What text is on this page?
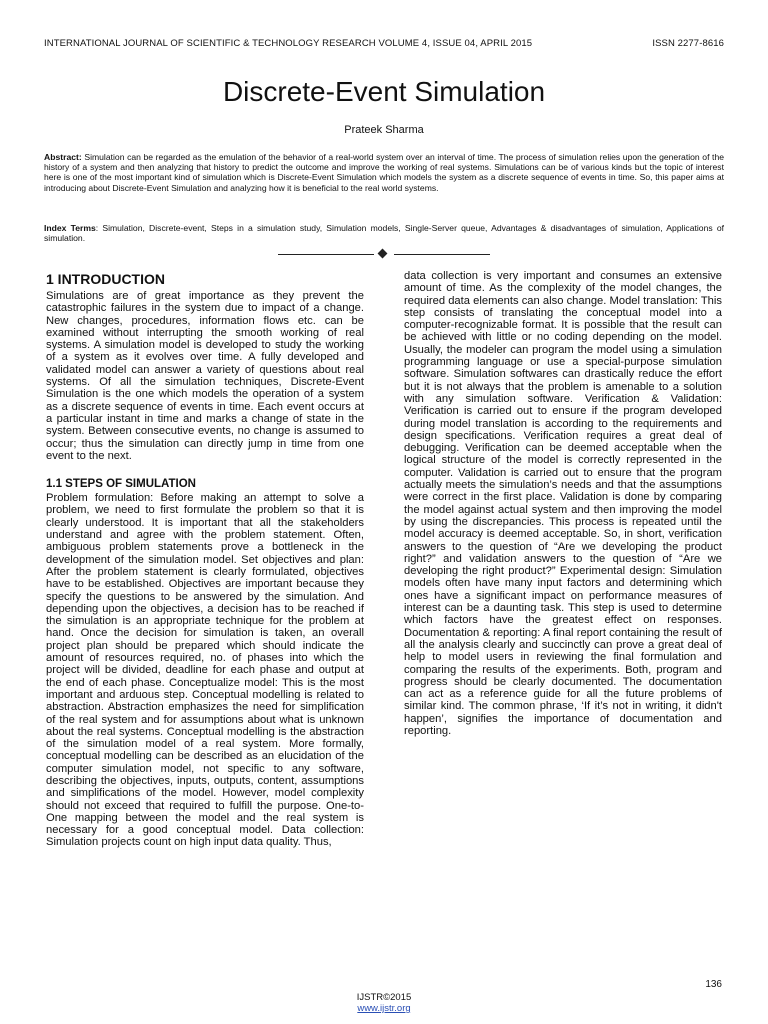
INTERNATIONAL JOURNAL OF SCIENTIFIC & TECHNOLOGY RESEARCH VOLUME 4, ISSUE 04, APRIL 2015	ISSN 2277-8616
Discrete-Event Simulation
Prateek Sharma

Abstract: Simulation can be regarded as the emulation of the behavior of a real-world system over an interval of time. The process of simulation relies upon the generation of the history of a system and then analyzing that history to predict the outcome and improve the working of real systems. Simulations can be of various kinds but the topic of interest here is one of the most important kind of simulation which is Discrete-Event Simulation which models the system as a discrete sequence of events in time. So, this paper aims at introducing about Discrete-Event Simulation and analyzing how it is beneficial to the real world systems.

Index Terms: Simulation, Discrete-event, Steps in a simulation study, Simulation models, Single-Server queue, Advantages & disadvantages of simulation, Applications of simulation.

1 INTRODUCTION

Simulations are of great importance as they prevent the catastrophic failures in the system due to impact of a change. New changes, procedures, information flows etc. can be examined without interrupting the smooth working of real systems. A simulation model is developed to study the working of a system as it evolves over time. A fully developed and validated model can answer a variety of questions about real systems. Of all the simulation techniques, Discrete-Event Simulation is the one which models the operation of a system as a discrete sequence of events in time. Each event occurs at a particular instant in time and marks a change of state in the system. Between consecutive events, no change is assumed to occur; thus the simulation can directly jump in time from one event to the next.

1.1 STEPS OF SIMULATION

Problem formulation: Before making an attempt to solve a problem, we need to first formulate the problem so that it is clearly understood. It is important that all the stakeholders understand and agree with the problem statement. Often, ambiguous problem statements prove a bottleneck in the development of the simulation model. Set objectives and plan: After the problem statement is clearly formulated, objectives have to be established. Objectives are important because they specify the questions to be answered by the simulation. And depending upon the objectives, a decision has to be reached if the simulation is an appropriate technique for the problem at hand. Once the decision for simulation is taken, an overall project plan should be prepared which should indicate the amount of resources required, no. of phases into which the project will be divided, deadline for each phase and output at the end of each phase. Conceptualize model: This is the most important and arduous step. Conceptual modelling is related to abstraction. Abstraction emphasizes the need for simplification of the real system and for assumptions about what is unknown about the real systems. Conceptual modelling is the abstraction of the simulation model of a real system. More formally, conceptual modelling can be described as an elucidation of the computer simulation model, not specific to any software, describing the objectives, inputs, outputs, content, assumptions and simplifications of the model. However, model complexity should not exceed that required to fulfill the purpose. One-to-One mapping between the model and the real system is necessary for a good conceptual model. Data collection: Simulation projects count on high input data quality. Thus,

data collection is very important and consumes an extensive amount of time. As the complexity of the model changes, the required data elements can also change. Model translation: This step consists of translating the conceptual model into a computer-recognizable format. It is possible that the result can be achieved with little or no coding depending on the model. Usually, the modeler can program the model using a simulation programming language or use a special-purpose simulation software. Simulation softwares can drastically reduce the effort but it is not always that the problem is amenable to a solution with any simulation software. Verification & Validation: Verification is carried out to ensure if the program developed during model translation is according to the requirements and design specifications. Verification requires a great deal of debugging. Verification can be deemed acceptable when the logical structure of the model is correctly represented in the computer. Validation is carried out to ensure that the program actually meets the simulation’s needs and that the assumptions were correct in the first place. Validation is done by comparing the model against actual system and then improving the model by using the discrepancies. This process is repeated until the model accuracy is deemed acceptable. So, in short, verification answers to the question of “Are we developing the product right?” and validation answers to the question of “Are we developing the right product?” Experimental design: Simulation models often have many input factors and determining which ones have a significant impact on performance measures of interest can be a daunting task. This step is used to determine which factors have the greatest effect on responses. Documentation & reporting: A final report containing the result of all the analysis clearly and succinctly can prove a great deal of help to model users in reviewing the final formulation and comparing the results of the experiments. Both, program and progress should be clearly documented. The documentation can act as a reference guide for all the future problems of similar kind. The common phrase, ‘If it’s not in writing, it didn't happen’, signifies the importance of documentation and reporting.

136
IJSTR©2015
www.ijstr.org
